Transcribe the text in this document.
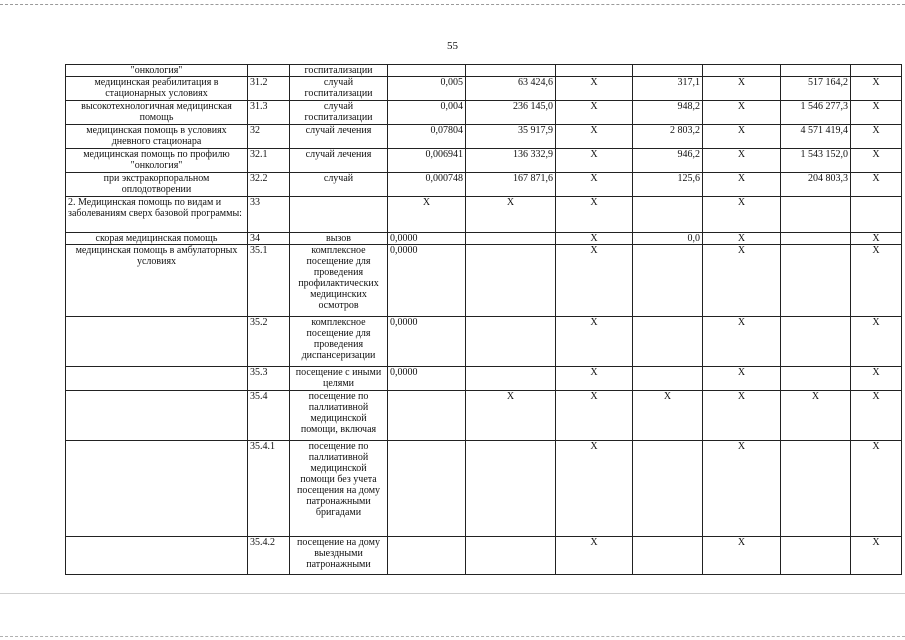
55
"онкология"		госпитализации							
медицинская реабилитация в стационарных условиях	31.2	случай госпитализации	0,005	63 424,6	X	317,1	X	517 164,2	X
высокотехнологичная медицинская помощь	31.3	случай госпитализации	0,004	236 145,0	X	948,2	X	1 546 277,3	X
медицинская помощь в условиях дневного стационара	32	случай лечения	0,07804	35 917,9	X	2 803,2	X	4 571 419,4	X
медицинская помощь по профилю "онкология"	32.1	случай лечения	0,006941	136 332,9	X	946,2	X	1 543 152,0	X
при экстракорпоральном оплодотворении	32.2	случай	0,000748	167 871,6	X	125,6	X	204 803,3	X
2. Медицинская помощь по видам и заболеваниям сверх базовой программы:	33		X	X	X		X		
скорая медицинская помощь	34	вызов	0,0000		X	0,0	X		X
медицинская помощь в амбулаторных условиях	35.1	комплексное посещение для проведения профилактических медицинских осмотров	0,0000		X		X		X
	35.2	комплексное посещение для проведения диспансеризации	0,0000		X		X		X
	35.3	посещение с иными целями	0,0000		X		X		X
	35.4	посещение по паллиативной медицинской помощи, включая		X	X	X	X	X	X
	35.4.1	посещение по паллиативной медицинской помощи без учета посещения на дому патронажными бригадами			X		X		X
	35.4.2	посещение на дому выездными патронажными			X		X		X
